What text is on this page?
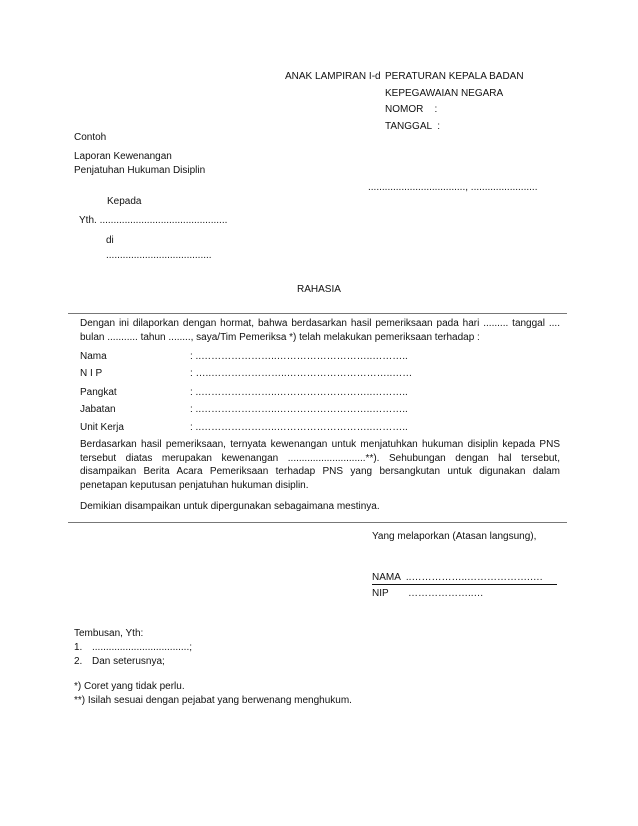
ANAK LAMPIRAN I-d PERATURAN KEPALA BADAN
KEPEGAWAIAN NEGARA
NOMOR    :
TANGGAL  :
Contoh
Laporan Kewenangan
Penjatuhan Hukuman Disiplin
..................................., ........................
Kepada
Yth. ..............................................
di
......................................
RAHASIA
Dengan ini dilaporkan dengan hormat, bahwa berdasarkan hasil pemeriksaan pada hari ......... tanggal .... bulan ........... tahun ........, saya/Tim Pemeriksa *) telah melakukan pemeriksaan terhadap :
Nama	: ..…………………..………………………..………..
N I P	: …..…………………..…………………………..……
Pangkat	: ..…………………..………………………..………..
Jabatan	: ..…………………..………………………..………..
Unit Kerja	: ..…………………..………………………..………..
Berdasarkan hasil pemeriksaan, ternyata kewenangan untuk menjatuhkan hukuman disiplin kepada PNS tersebut diatas merupakan kewenangan ............................**). Sehubungan dengan hal tersebut, disampaikan Berita Acara Pemeriksaan terhadap PNS yang bersangkutan untuk digunakan dalam penetapan keputusan penjatuhan hukuman disiplin.
Demikian disampaikan untuk dipergunakan sebagaimana mestinya.
Yang melaporkan (Atasan langsung),
NAMA  ..……………..……………….….
NIP       ………………..…
Tembusan, Yth:
1. ...................................;
2. Dan seterusnya;
*) Coret yang tidak perlu.
**) Isilah sesuai dengan pejabat yang berwenang menghukum.
